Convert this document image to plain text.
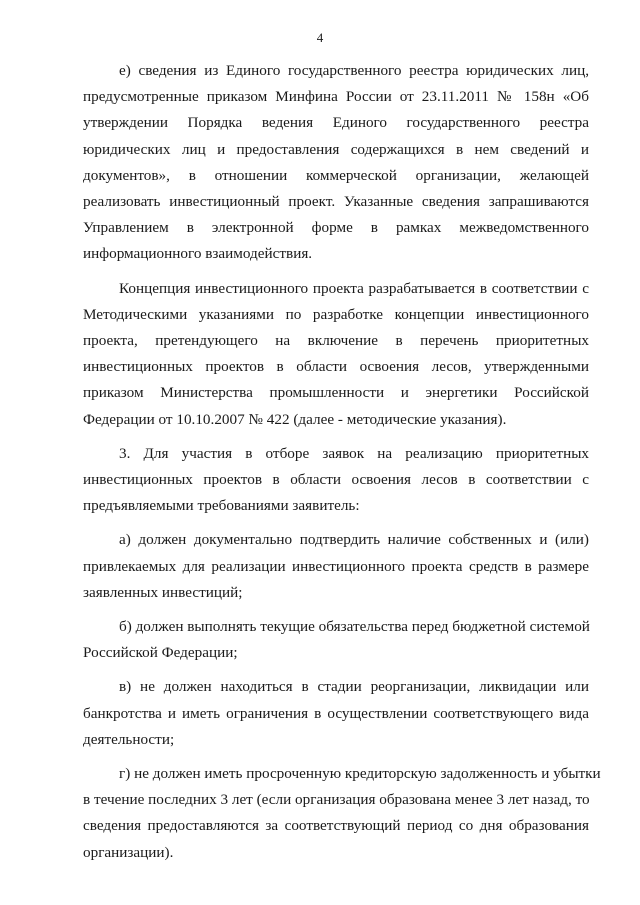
4
е) сведения из Единого государственного реестра юридических лиц,
предусмотренные приказом Минфина России от 23.11.2011 № 158н «Об
утверждении Порядка ведения Единого государственного реестра
юридических лиц и предоставления содержащихся в нем сведений и
документов», в отношении коммерческой организации, желающей
реализовать инвестиционный проект. Указанные сведения запрашиваются
Управлением в электронной форме в рамках межведомственного
информационного взаимодействия.
Концепция инвестиционного проекта разрабатывается в соответствии с
Методическими указаниями по разработке концепции инвестиционного
проекта, претендующего на включение в перечень приоритетных
инвестиционных проектов в области освоения лесов, утвержденными
приказом Министерства промышленности и энергетики Российской
Федерации от 10.10.2007 № 422 (далее - методические указания).
3. Для участия в отборе заявок на реализацию приоритетных
инвестиционных проектов в области освоения лесов в соответствии с
предъявляемыми требованиями заявитель:
а) должен документально подтвердить наличие собственных и (или)
привлекаемых для реализации инвестиционного проекта средств в размере
заявленных инвестиций;
б) должен выполнять текущие обязательства перед бюджетной системой
Российской Федерации;
в) не должен находиться в стадии реорганизации, ликвидации или
банкротства и иметь ограничения в осуществлении соответствующего вида
деятельности;
г) не должен иметь просроченную кредиторскую задолженность и убытки
в течение последних 3 лет (если организация образована менее 3 лет назад, то
сведения предоставляются за соответствующий период со дня образования
организации).
